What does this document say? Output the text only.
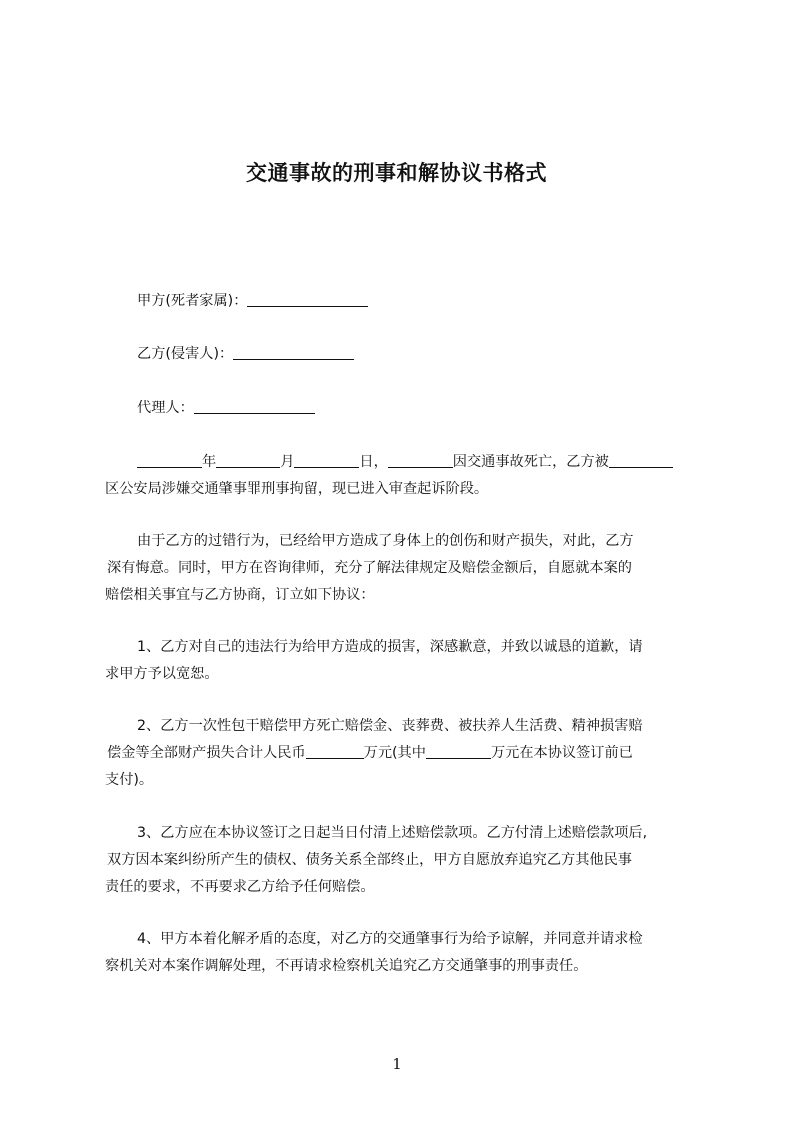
交通事故的刑事和解协议书格式
甲方(死者家属)：
乙方(侵害人)：
代理人：
年	月	日，	因交通事故死亡，乙方被
区公安局涉嫌交通肇事罪刑事拘留，现已进入审查起诉阶段。
由于乙方的过错行为，已经给甲方造成了身体上的创伤和财产损失，对此，乙方
深有悔意。同时，甲方在咨询律师，充分了解法律规定及赔偿金额后，自愿就本案的
赔偿相关事宜与乙方协商，订立如下协议：
1、乙方对自己的违法行为给甲方造成的损害，深感歉意，并致以诚恳的道歉，请
求甲方予以宽恕。
2、乙方一次性包干赔偿甲方死亡赔偿金、丧葬费、被扶养人生活费、精神损害赔
偿金等全部财产损失合计人民币	万元(其中	万元在本协议签订前已
支付)。
3、乙方应在本协议签订之日起当日付清上述赔偿款项。乙方付清上述赔偿款项后,
双方因本案纠纷所产生的债权、债务关系全部终止，甲方自愿放弃追究乙方其他民事
责任的要求，不再要求乙方给予任何赔偿。
4、甲方本着化解矛盾的态度，对乙方的交通肇事行为给予谅解，并同意并请求检
察机关对本案作调解处理，不再请求检察机关追究乙方交通肇事的刑事责任。
1
